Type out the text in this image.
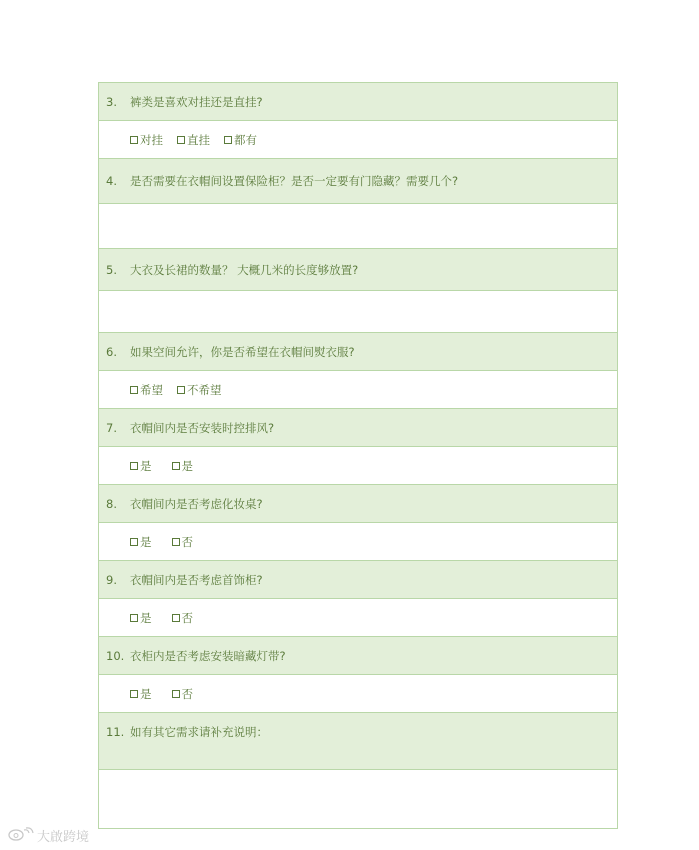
3.	裤类是喜欢对挂还是直挂?
对挂 直挂 都有
4.	是否需要在衣帽间设置保险柜？是否一定要有门隐藏？需要几个?
5.	大衣及长裙的数量？ 大概几米的长度够放置?
6.	如果空间允许，你是否希望在衣帽间熨衣服?
希望 不希望
7.	衣帽间内是否安装时控排风?
是	是
8.	衣帽间内是否考虑化妆桌?
是	否
9.	衣帽间内是否考虑首饰柜?
是	否
10. 衣柜内是否考虑安装暗藏灯带?
是	否
11. 如有其它需求请补充说明：
大啟跨境
